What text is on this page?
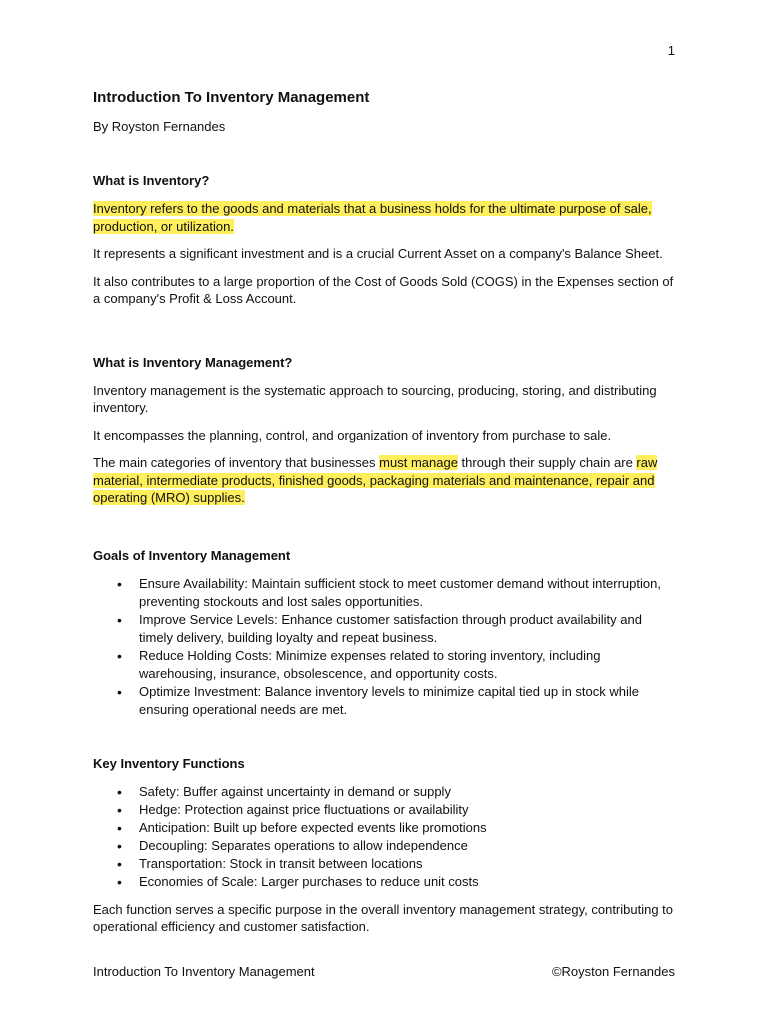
1
Introduction To Inventory Management

By Royston Fernandes

What is Inventory?

Inventory refers to the goods and materials that a business holds for the ultimate purpose of sale, production, or utilization.

It represents a significant investment and is a crucial Current Asset on a company's Balance Sheet.

It also contributes to a large proportion of the Cost of Goods Sold (COGS) in the Expenses section of a company's Profit & Loss Account.

What is Inventory Management?

Inventory management is the systematic approach to sourcing, producing, storing, and distributing inventory.

It encompasses the planning, control, and organization of inventory from purchase to sale.

The main categories of inventory that businesses must manage through their supply chain are raw material, intermediate products, finished goods, packaging materials and maintenance, repair and operating (MRO) supplies.

Goals of Inventory Management
• Ensure Availability: Maintain sufficient stock to meet customer demand without interruption, preventing stockouts and lost sales opportunities.
• Improve Service Levels: Enhance customer satisfaction through product availability and timely delivery, building loyalty and repeat business.
• Reduce Holding Costs: Minimize expenses related to storing inventory, including warehousing, insurance, obsolescence, and opportunity costs.
• Optimize Investment: Balance inventory levels to minimize capital tied up in stock while ensuring operational needs are met.
Key Inventory Functions
• Safety: Buffer against uncertainty in demand or supply
• Hedge: Protection against price fluctuations or availability
• Anticipation: Built up before expected events like promotions
• Decoupling: Separates operations to allow independence
• Transportation: Stock in transit between locations
• Economies of Scale: Larger purchases to reduce unit costs

Each function serves a specific purpose in the overall inventory management strategy, contributing to operational efficiency and customer satisfaction.

Introduction To Inventory Management	©Royston Fernandes
